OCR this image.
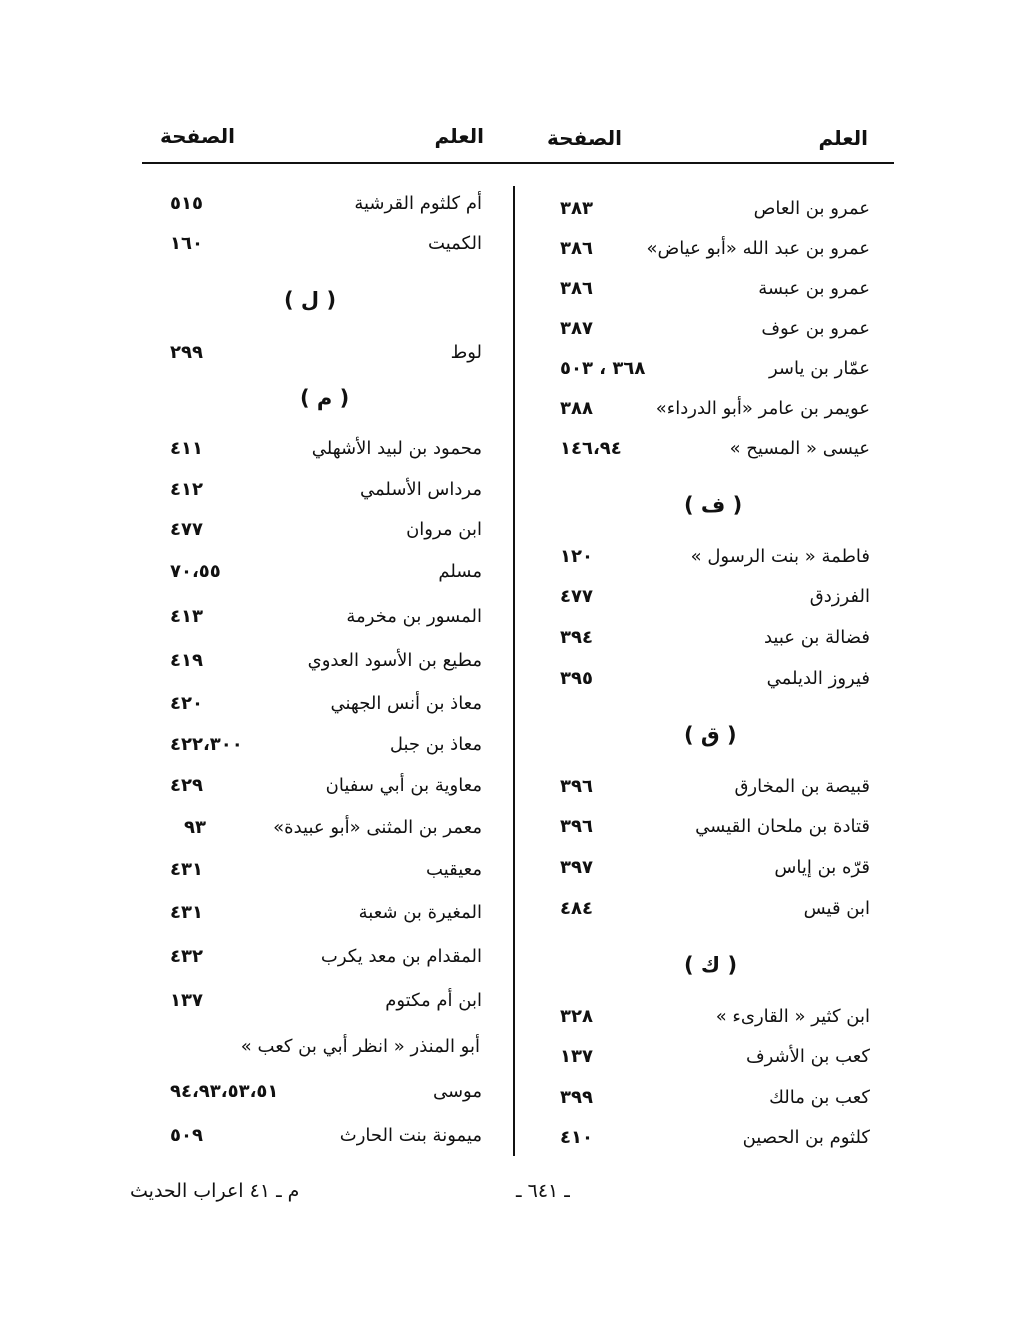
العلم
الصفحة
العلم
الصفحة
عمرو بن العاص
٣٨٣
عمرو بن عبد الله «أبو عياض»
٣٨٦
عمرو بن عبسة
٣٨٦
عمرو بن عوف
٣٨٧
عمّار بن ياسر
٣٦٨ ، ٥٠٣
عويمر بن عامر «أبو الدرداء»
٣٨٨
عيسى « المسيح »
١٤٦،٩٤
( ف )
فاطمة « بنت الرسول »
١٢٠
الفرزدق
٤٧٧
فضالة بن عبيد
٣٩٤
فيروز الديلمي
٣٩٥
( ق )
قبيصة بن المخارق
٣٩٦
قتادة بن ملحان القيسي
٣٩٦
قرّه بن إياس
٣٩٧
ابن قيس
٤٨٤
( ك )
ابن كثير « القارىء »
٣٢٨
كعب بن الأشرف
١٣٧
كعب بن مالك
٣٩٩
كلثوم بن الحصين
٤١٠
أم كلثوم القرشية
٥١٥
الكميت
١٦٠
( ل )
لوط
٢٩٩
( م )
محمود بن لبيد الأشهلي
٤١١
مرداس الأسلمي
٤١٢
ابن مروان
٤٧٧
مسلم
٧٠،٥٥
المسور بن مخرمة
٤١٣
مطيع بن الأسود العدوي
٤١٩
معاذ بن أنس الجهني
٤٢٠
معاذ بن جبل
٤٢٢،٣٠٠
معاوية بن أبي سفيان
٤٢٩
معمر بن المثنى «أبو عبيدة»
٩٣
معيقيب
٤٣١
المغيرة بن شعبة
٤٣١
المقدام بن معد يكرب
٤٣٢
ابن أم مكتوم
١٣٧
أبو المنذر « انظر أبي بن كعب »
موسى
٩٤،٩٣،٥٣،٥١
ميمونة بنت الحارث
٥٠٩
ـ ٦٤١ ـ
م ـ ٤١ اعراب الحديث
